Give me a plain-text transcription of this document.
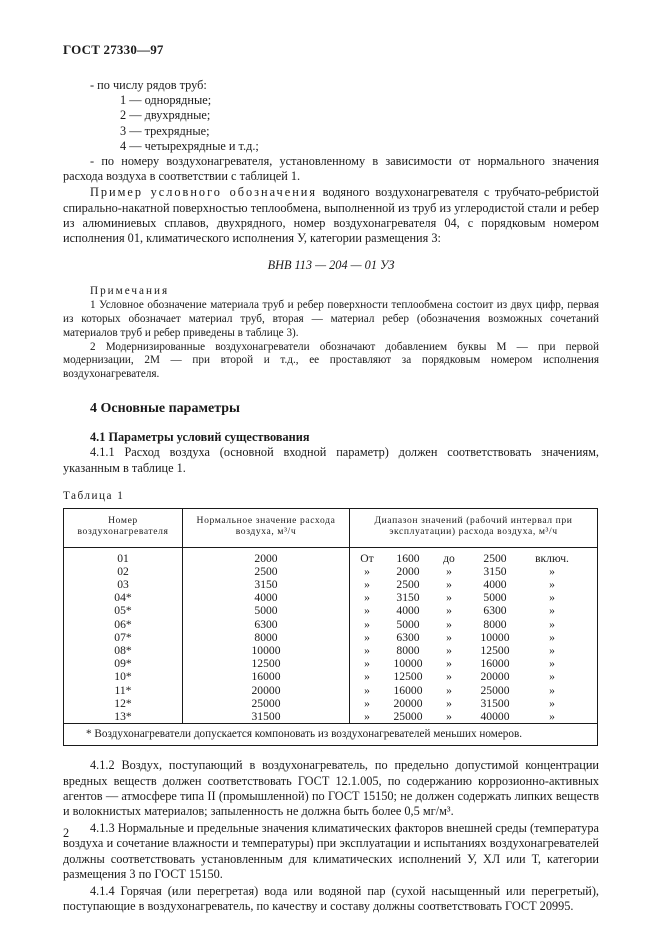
ГОСТ 27330—97

- по числу рядов труб:

1 — однорядные;

2 — двухрядные;

3 — трехрядные;

4 — четырехрядные и т.д.;

- по номеру воздухонагревателя, установленному в зависимости от нормального значения расхода воздуха в соответствии с таблицей 1.

Пример условного обозначения водяного воздухонагревателя с трубчато-ребристой спирально-накатной поверхностью теплообмена, выполненной из труб из углеродистой стали и ребер из алюминиевых сплавов, двухрядного, номер воздухонагревателя 04, с порядковым номером исполнения 01, климатического исполнения У, категории размещения 3:

ВНВ 113 — 204 — 01 УЗ

Примечания

1 Условное обозначение материала труб и ребер поверхности теплообмена состоит из двух цифр, первая из которых обозначает материал труб, вторая — материал ребер (обозначения возможных сочетаний материалов труб и ребер приведены в таблице 3).

2 Модернизированные воздухонагреватели обозначают добавлением буквы М — при первой модернизации, 2М — при второй и т.д., ее проставляют за порядковым номером исполнения воздухонагревателя.

4 Основные параметры

4.1 Параметры условий существования

4.1.1 Расход воздуха (основной входной параметр) должен соответствовать значениям, указанным в таблице 1.

Таблица 1

Номер воздухонагревателя	Нормальное значение расхода воздуха, м³/ч	Диапазон значений (рабочий интервал при эксплуатации) расхода воздуха, м³/ч
01	2000	От 1600 до 2500 включ.

02	2500	» 2000 » 3150 »

03	3150	» 2500 » 4000 »

04*	4000	» 3150 » 5000 »

05*	5000	» 4000 » 6300 »

06*	6300	» 5000 » 8000 »

07*	8000	» 6300 » 10000 »

08*	10000	» 8000 » 12500 »

09*	12500	» 10000 » 16000 »

10*	16000	» 12500 » 20000 »

11*	20000	» 16000 » 25000 »

12*	25000	» 20000 » 31500 »

13*	31500	» 25000 » 40000 »

* Воздухонагреватели допускается компоновать из воздухонагревателей меньших номеров.		

4.1.2 Воздух, поступающий в воздухонагреватель, по предельно допустимой концентрации вредных веществ должен соответствовать ГОСТ 12.1.005, по содержанию коррозионно-активных агентов — атмосфере типа II (промышленной) по ГОСТ 15150; не должен содержать липких веществ и волокнистых материалов; запыленность не должна быть более 0,5 мг/м³.

4.1.3 Нормальные и предельные значения климатических факторов внешней среды (температура воздуха и сочетание влажности и температуры) при эксплуатации и испытаниях воздухонагревателей должны соответствовать установленным для климатических исполнений У, ХЛ или Т, категории размещения 3 по ГОСТ 15150.

4.1.4 Горячая (или перегретая) вода или водяной пар (сухой насыщенный или перегретый), поступающие в воздухонагреватель, по качеству и составу должны соответствовать ГОСТ 20995.

2
